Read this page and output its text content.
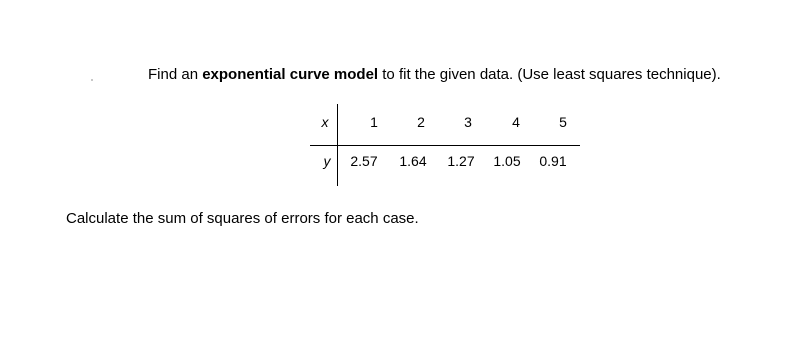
Find an exponential curve model to fit the given data. (Use least squares technique).

x	1	2	3	4	5
y 2.57 1.64 1.27 1.05 0.91

Calculate the sum of squares of errors for each case.
